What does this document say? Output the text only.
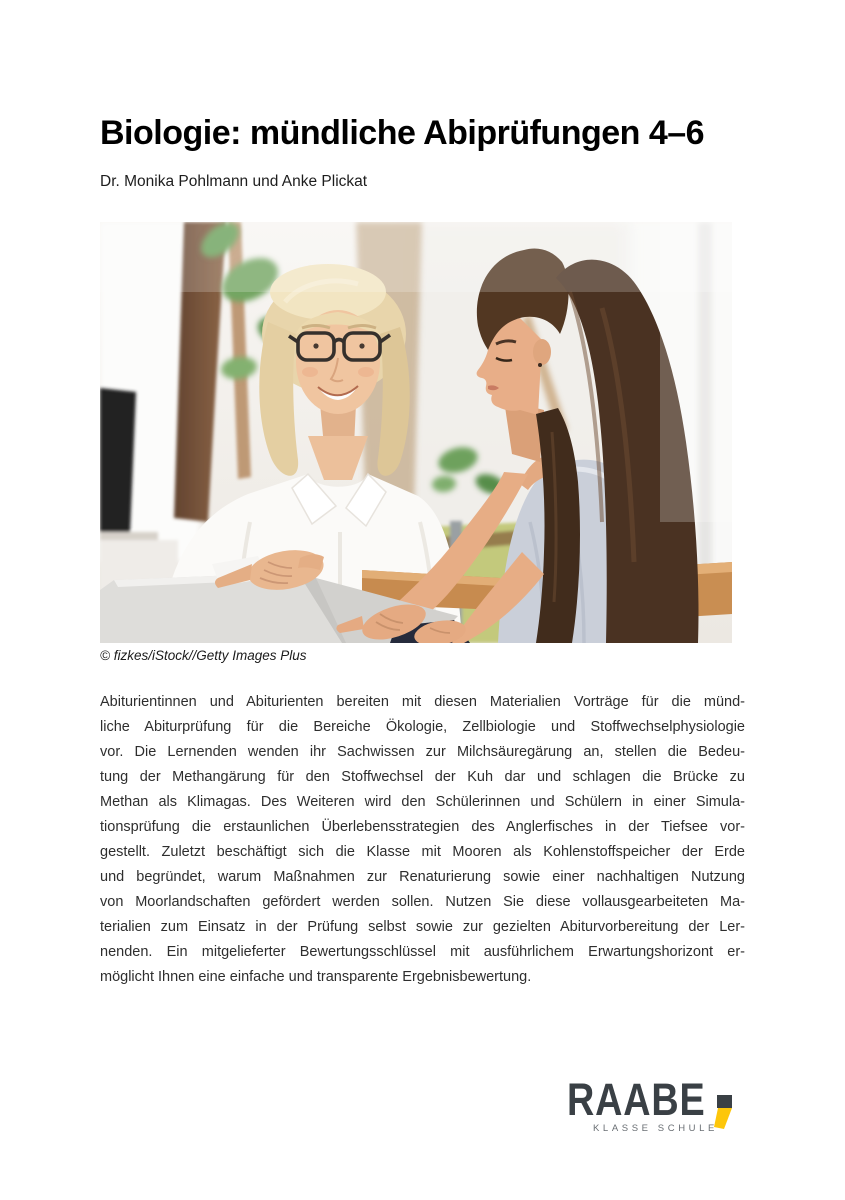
Biologie: mündliche Abiprüfungen 4–6
Dr. Monika Pohlmann und Anke Plickat
© fizkes/iStock//Getty Images Plus
Abiturientinnen und Abiturienten bereiten mit diesen Materialien Vorträge für die münd-
liche Abiturprüfung für die Bereiche Ökologie, Zellbiologie und Stoffwechselphysiologie
vor. Die Lernenden wenden ihr Sachwissen zur Milchsäuregärung an, stellen die Bedeu-
tung der Methangärung für den Stoffwechsel der Kuh dar und schlagen die Brücke zu
Methan als Klimagas. Des Weiteren wird den Schülerinnen und Schülern in einer Simula-
tionsprüfung die erstaunlichen Überlebensstrategien des Anglerfisches in der Tiefsee vor-
gestellt. Zuletzt beschäftigt sich die Klasse mit Mooren als Kohlenstoffspeicher der Erde
und begründet, warum Maßnahmen zur Renaturierung sowie einer nachhaltigen Nutzung
von Moorlandschaften gefördert werden sollen. Nutzen Sie diese vollausgearbeiteten Ma-
terialien zum Einsatz in der Prüfung selbst sowie zur gezielten Abiturvorbereitung der Ler-
nenden. Ein mitgelieferter Bewertungsschlüssel mit ausführlichem Erwartungshorizont er-
möglicht Ihnen eine einfache und transparente Ergebnisbewertung.
RAABE
KLASSE SCHULE
